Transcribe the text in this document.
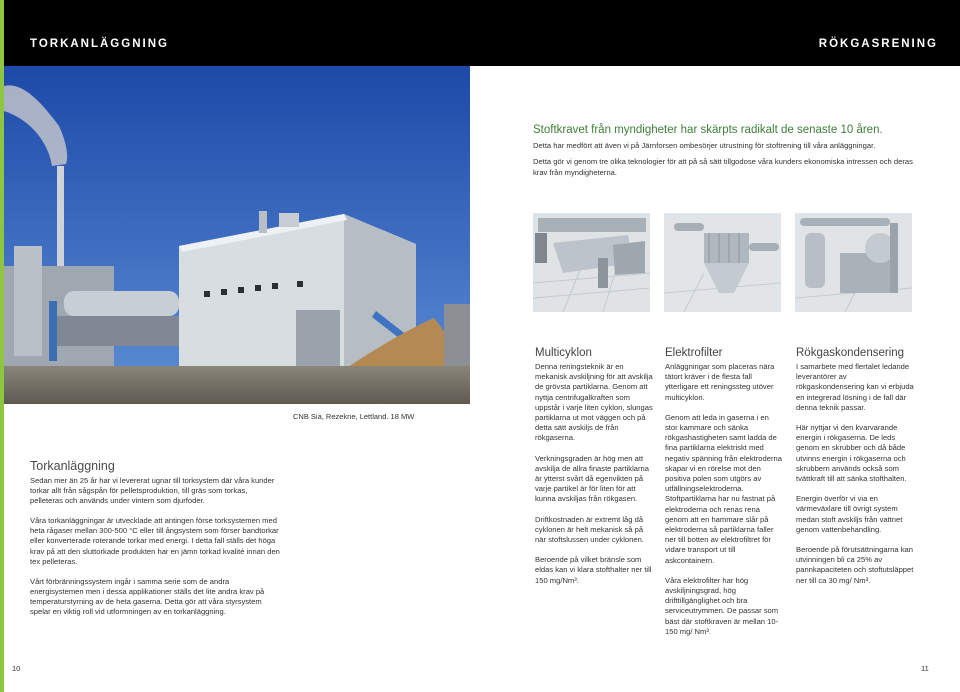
TORKANLÄGGNING	RÖKGASRENING
CNB Sia, Rezekne, Lettland. 18 MW
Torkanläggning

Sedan mer än 25 år har vi levererat ugnar till torksystem där våra kunder torkar allt från sågspån för pelletsproduktion, till gräs som torkas, pelleteras och används under vintern som djurfoder.

Våra torkanläggningar är utvecklade att antingen förse torksystemen med heta rågaser mellan 300-500 °C eller till ångsystem som förser bandtorkar eller konverterade roterande torkar med energi. I detta fall ställs det höga krav på att den sluttorkade produkten har en jämn torkad kvalité innan den tex pelleteras.

Vårt förbränningssystem ingår i samma serie som de andra energisystemen men i dessa applikationer ställs det lite andra krav på temperaturstyrning av de heta gaserna. Detta gör att våra styrsystem spelar en viktig roll vid utformningen av en torkanläggning.

Stoftkravet från myndigheter har skärpts radikalt de senaste 10 åren.

Detta har medfört att även vi på Järnforsen ombesörjer utrustning för stoftrening till våra anläggningar.

Detta gör vi genom tre olika teknologier för att på så sätt tillgodose våra kunders ekonomiska intressen och deras krav från myndigheterna.

Multicyklon

Denna reningsteknik är en mekanisk avskiljning för att avskilja de grövsta partiklarna. Genom att nyttja centrifugalkraften som uppstår i varje liten cyklon, slungas partiklarna ut mot väggen och på detta sätt avskiljs de från rökgaserna.

Verkningsgraden är hög men att avskilja de allra finaste partiklarna är ytterst svårt då egenvikten på varje partikel är för liten för att kunna avskiljas från rökgasen.

Driftkostnaden är extremt låg då cyklonen är helt mekanisk så på när stoftslussen under cyklonen.

Beroende på vilket bränsle som eldas kan vi klara stofthalter ner till 150 mg/Nm³.

Elektrofilter

Anläggningar som placeras nära tätort kräver i de flesta fall ytterligare ett reningssteg utöver multicyklon.

Genom att leda in gaserna i en stor kammare och sänka rökgashastigheten samt ladda de fina partiklarna elektriskt med negativ spänning från elektroderna skapar vi en rörelse mot den positiva polen som utgörs av utfällningselektroderna. Stoftpartiklarna har nu fastnat på elektroderna och renas rena genom att en hammare slår på elektroderna så partiklarna faller ner till botten av elektrofiltret för vidare transport ut till askcontainern.

Våra elektrofilter har hög avskiljningsgrad, hög drifttillgänglighet och bra serviceutrymmen. De passar som bäst där stoftkraven är mellan 10-150 mg/ Nm³.

Rökgaskondensering

I samarbete med flertalet ledande leverantörer av rökgaskondensering kan vi erbjuda en integrerad lösning i de fall där denna teknik passar.

Här nyttjar vi den kvarvarande energin i rökgaserna. De leds genom en skrubber och då både utvinns energin i rökgaserna och skrubbern används också som tvättkraft till att sänka stofthalten.

Energin överför vi via en värmeväxlare till övrigt system medan stoft avskiljs från vattnet genom vattenbehandling.

Beroende på förutsättningarna kan utvinningen bli ca 25% av pannkapaciteten och stoftutsläppet ner till ca 30 mg/ Nm³.

10	11
